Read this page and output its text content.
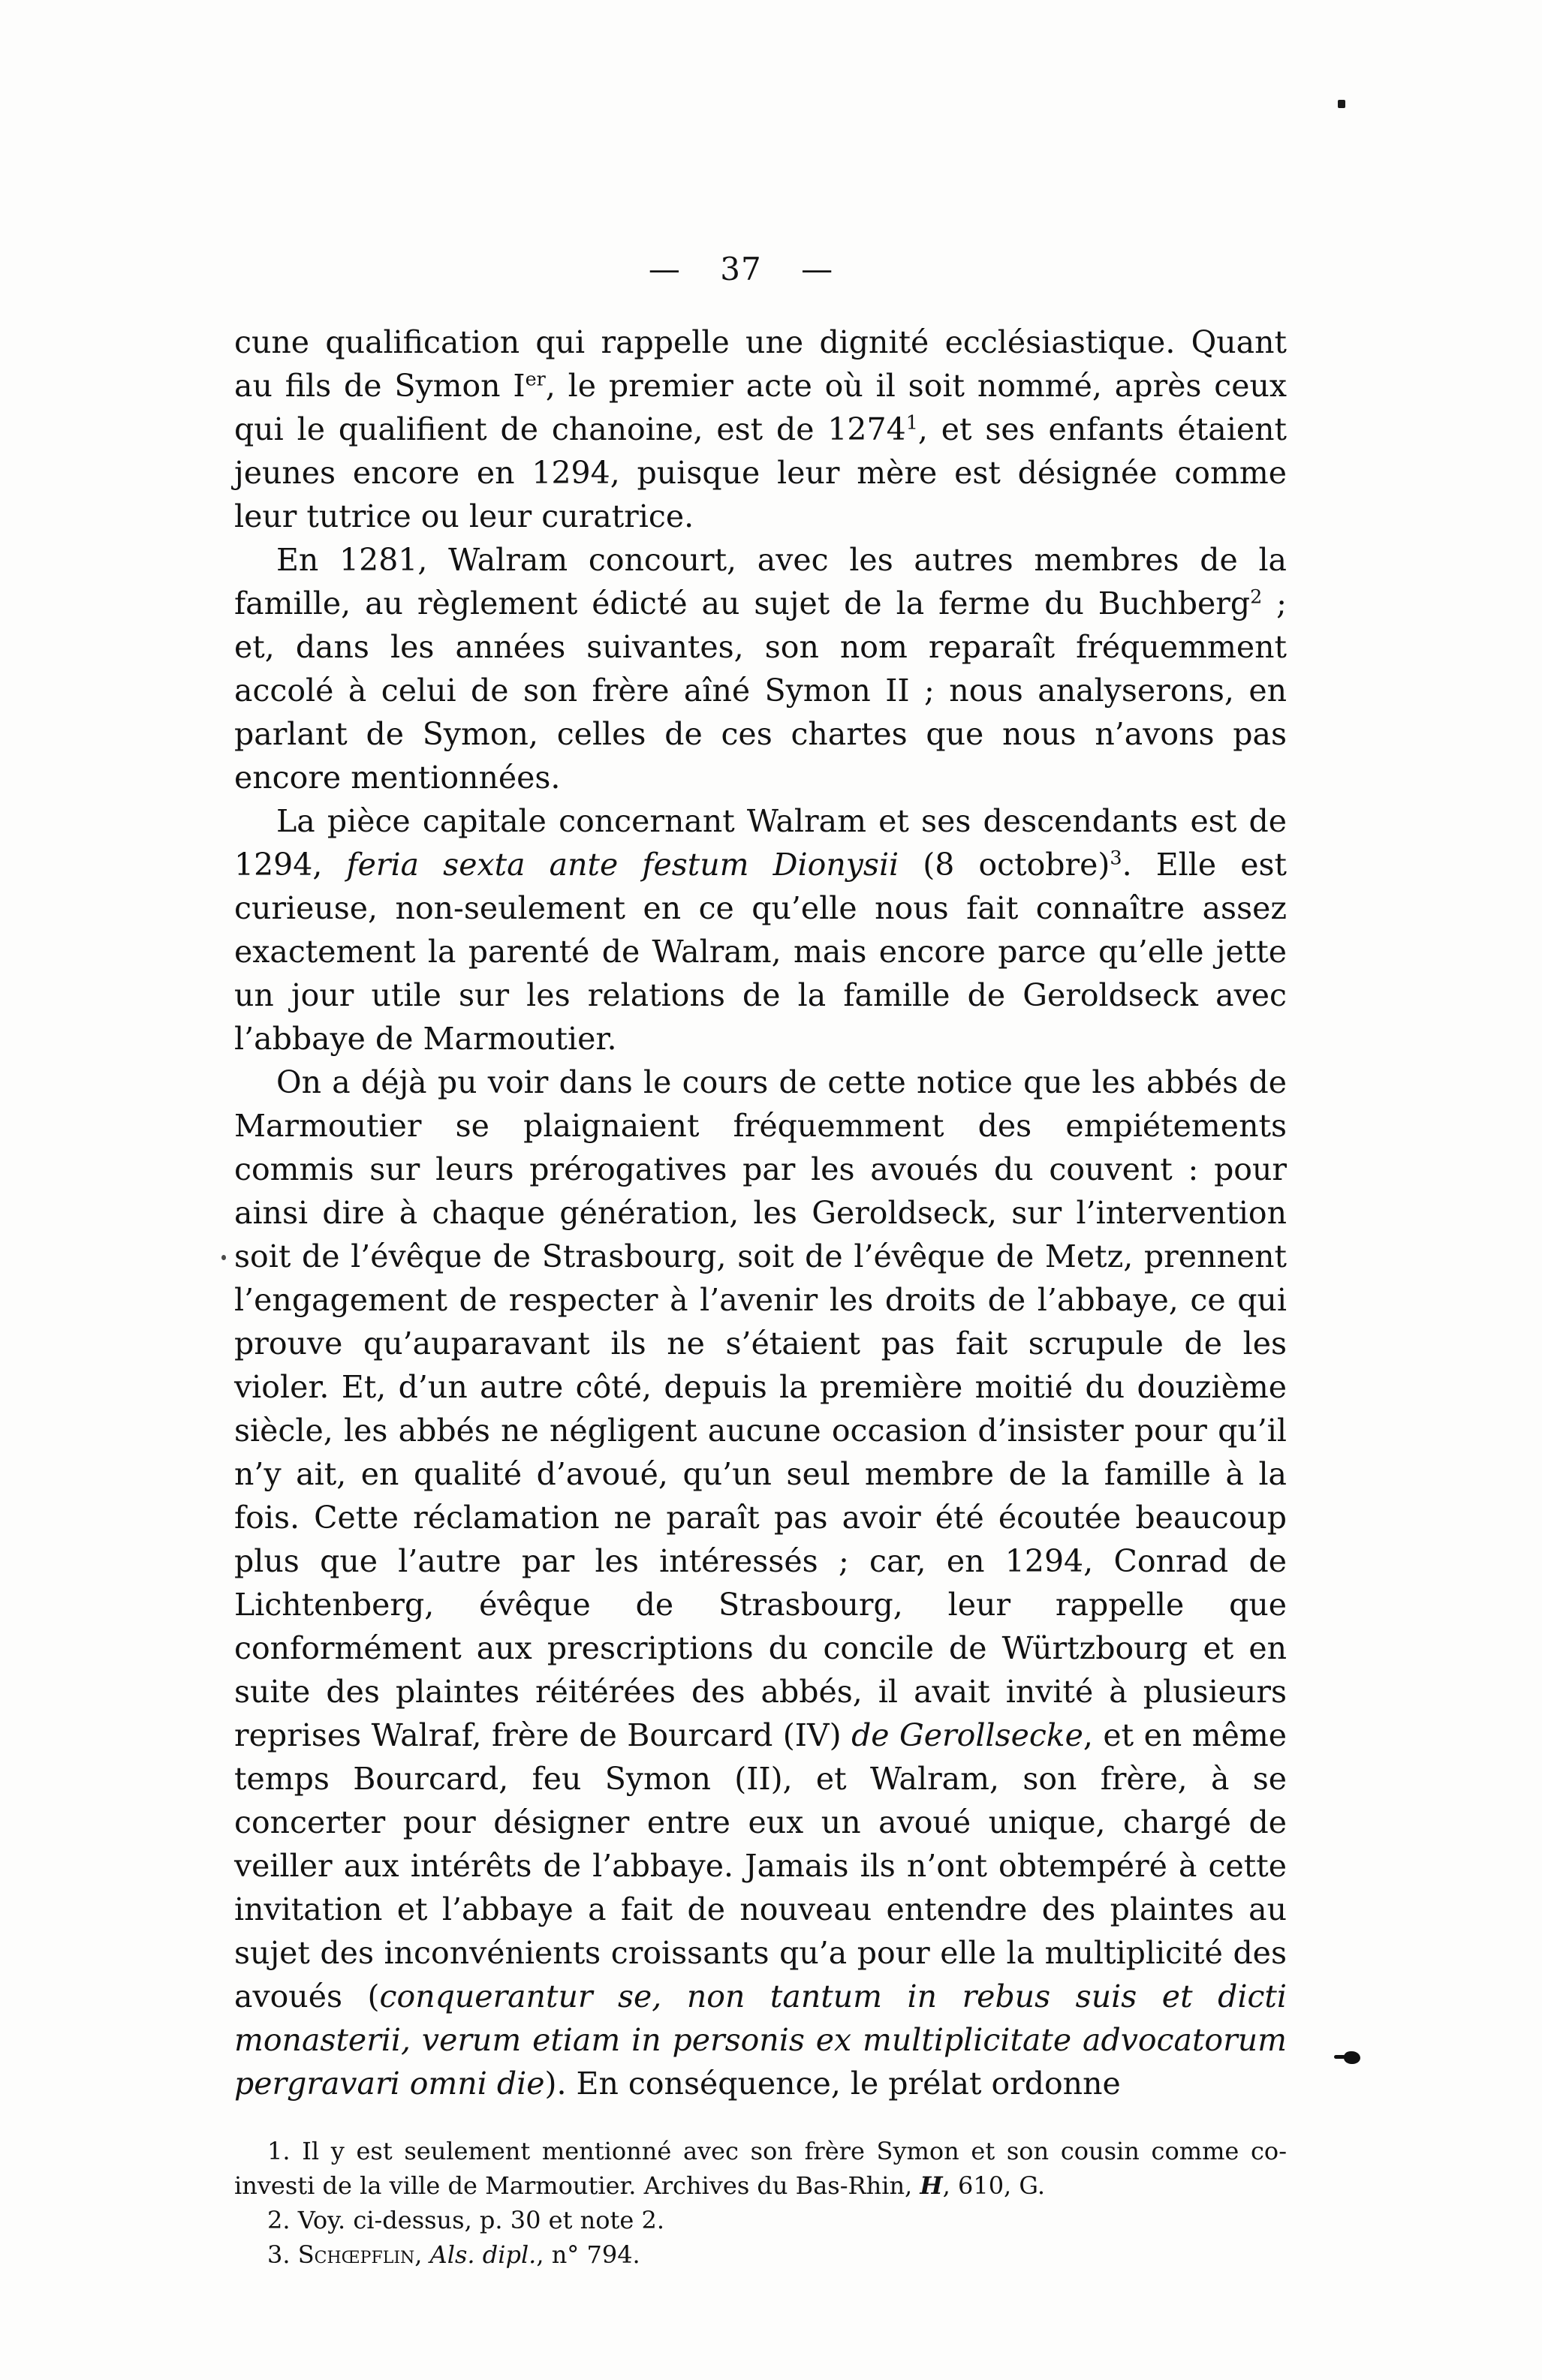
— 37 —

cune qualification qui rappelle une dignité ecclésiastique. Quant au fils de Symon Ier, le premier acte où il soit nommé, après ceux qui le qualifient de chanoine, est de 1274$^1$, et ses enfants étaient jeunes encore en 1294, puisque leur mère est désignée comme leur tutrice ou leur curatrice.

En 1281, Walram concourt, avec les autres membres de la famille, au règlement édicté au sujet de la ferme du Buchberg$^2$ ; et, dans les années suivantes, son nom reparaît fréquemment accolé à celui de son frère aîné Symon II ; nous analyserons, en parlant de Symon, celles de ces chartes que nous n’avons pas encore mentionnées.

La pièce capitale concernant Walram et ses descendants est de 1294, feria sexta ante festum Dionysii (8 octobre)$^3$. Elle est curieuse, non-seulement en ce qu’elle nous fait connaître assez exactement la parenté de Walram, mais encore parce qu’elle jette un jour utile sur les relations de la famille de Geroldseck avec l’abbaye de Marmoutier.

On a déjà pu voir dans le cours de cette notice que les abbés de Marmoutier se plaignaient fréquemment des empiétements commis sur leurs prérogatives par les avoués du couvent : pour ainsi dire à chaque génération, les Geroldseck, sur l’intervention soit de l’évêque de Strasbourg, soit de l’évêque de Metz, prennent l’engagement de respecter à l’avenir les droits de l’abbaye, ce qui prouve qu’auparavant ils ne s’étaient pas fait scrupule de les violer. Et, d’un autre côté, depuis la première moitié du douzième siècle, les abbés ne négligent aucune occasion d’insister pour qu’il n’y ait, en qualité d’avoué, qu’un seul membre de la famille à la fois. Cette réclamation ne paraît pas avoir été écoutée beaucoup plus que l’autre par les intéressés ; car, en 1294, Conrad de Lichtenberg, évêque de Strasbourg, leur rappelle que conformément aux prescriptions du concile de Würtzbourg et en suite des plaintes réitérées des abbés, il avait invité à plusieurs reprises Walraf, frère de Bourcard (IV) de Gerollsecke, et en même temps Bourcard, feu Symon (II), et Walram, son frère, à se concerter pour désigner entre eux un avoué unique, chargé de veiller aux intérêts de l’abbaye. Jamais ils n’ont obtempéré à cette invitation et l’abbaye a fait de nouveau entendre des plaintes au sujet des inconvénients croissants qu’a pour elle la multiplicité des avoués (conquerantur se, non tantum in rebus suis et dicti monasterii, verum etiam in personis ex multiplicitate advocatorum pergravari omni die). En conséquence, le prélat ordonne

1. Il y est seulement mentionné avec son frère Symon et son cousin comme co-investi de la ville de Marmoutier. Archives du Bas-Rhin, H, 610, G.

2. Voy. ci-dessus, p. 30 et note 2.

3. Schœpflin, Als. dipl., n° 794.
